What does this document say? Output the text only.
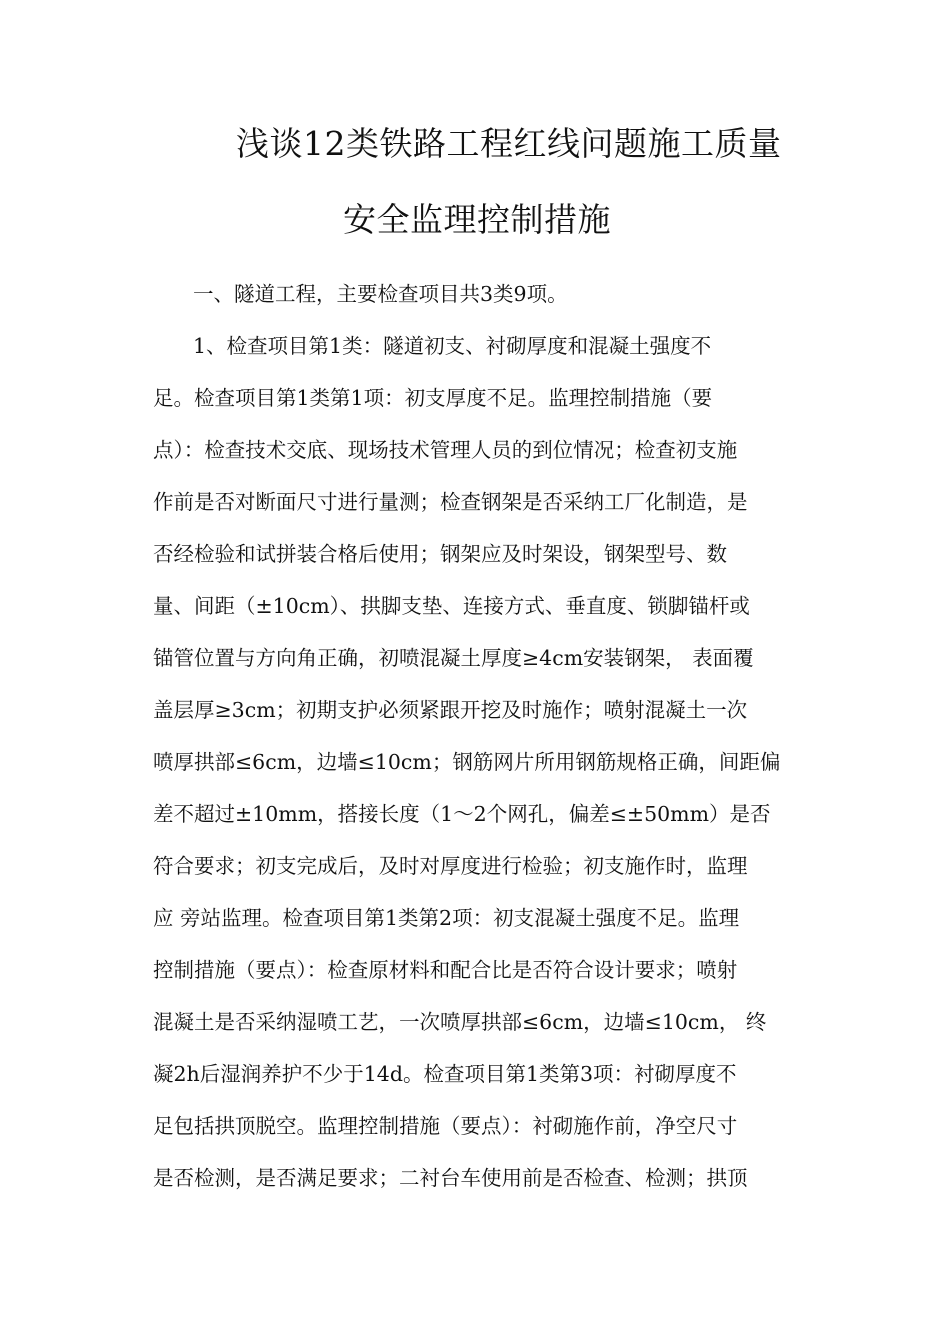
浅谈12类铁路工程红线问题施工质量
安全监理控制措施
一、隧道工程，主要检查项目共3类9项。
1、检查项目第1类：隧道初支、衬砌厚度和混凝土强度不
足。检查项目第1类第1项：初支厚度不足。监理控制措施（要
点）：检查技术交底、现场技术管理人员的到位情况；检查初支施
作前是否对断面尺寸进行量测；检查钢架是否采纳工厂化制造，是
否经检验和试拼装合格后使用；钢架应及时架设，钢架型号、数
量、间距（±10cm）、拱脚支垫、连接方式、垂直度、锁脚锚杆或
锚管位置与方向角正确，初喷混凝土厚度≥4cm安装钢架， 表面覆
盖层厚≥3cm；初期支护必须紧跟开挖及时施作；喷射混凝土一次
喷厚拱部≤6cm，边墙≤10cm；钢筋网片所用钢筋规格正确，间距偏
差不超过±10mm，搭接长度（1～2个网孔，偏差≤±50mm）是否
符合要求；初支完成后，及时对厚度进行检验；初支施作时，监理
应 旁站监理。检查项目第1类第2项：初支混凝土强度不足。监理
控制措施（要点）：检查原材料和配合比是否符合设计要求；喷射
混凝土是否采纳湿喷工艺，一次喷厚拱部≤6cm，边墙≤10cm， 终
凝2h后湿润养护不少于14d。检查项目第1类第3项：衬砌厚度不
足包括拱顶脱空。监理控制措施（要点）：衬砌施作前，净空尺寸
是否检测，是否满足要求；二衬台车使用前是否检查、检测；拱顶
